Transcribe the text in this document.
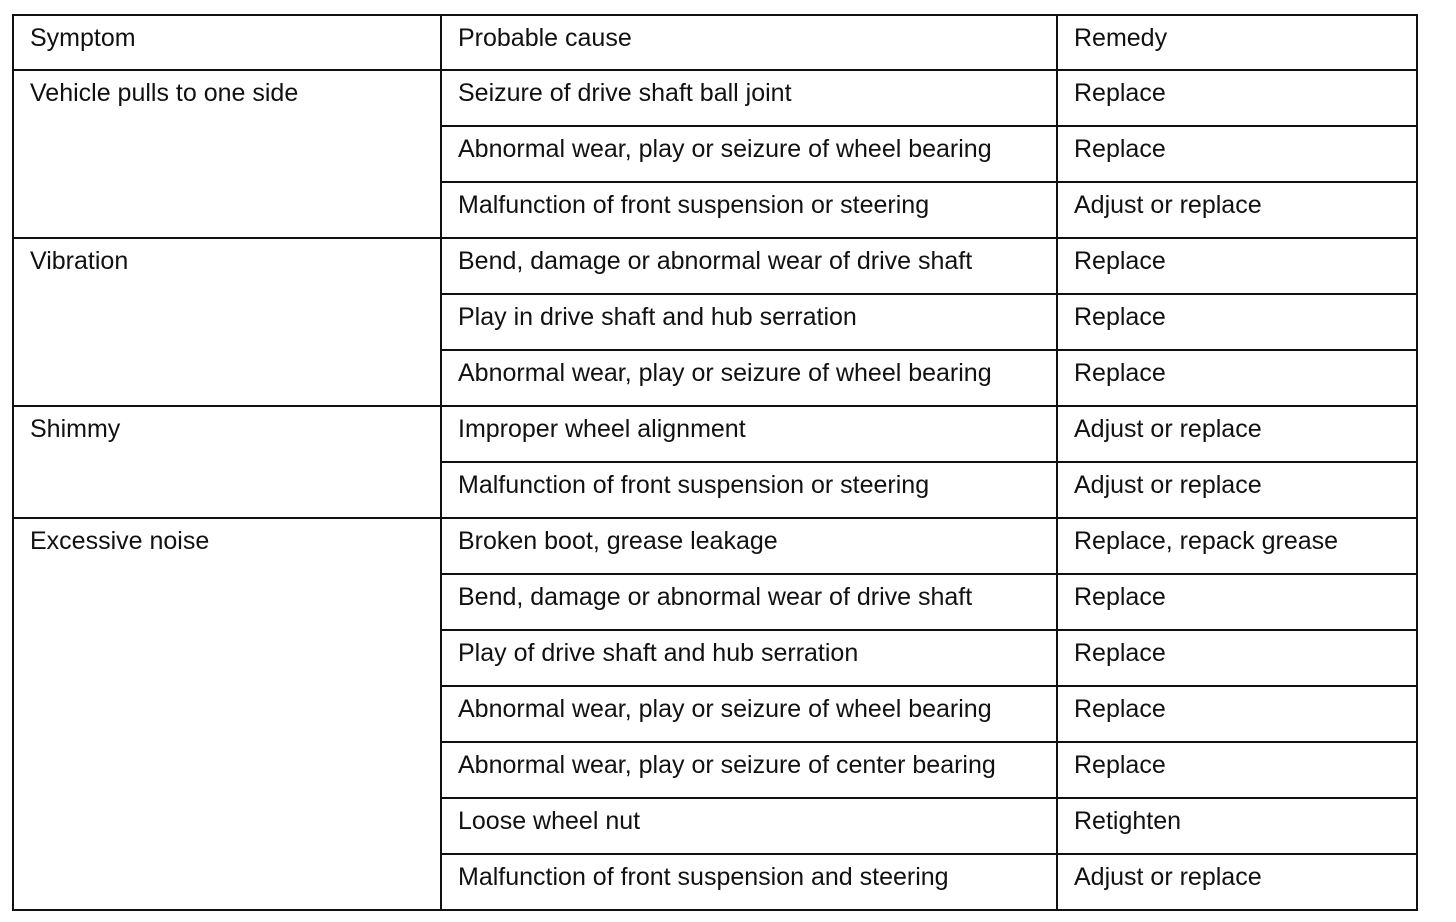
Symptom	Probable cause	Remedy
Vehicle pulls to one side	Seizure of drive shaft ball joint	Replace
	Abnormal wear, play or seizure of wheel bearing	Replace
	Malfunction of front suspension or steering	Adjust or replace
Vibration	Bend, damage or abnormal wear of drive shaft	Replace
	Play in drive shaft and hub serration	Replace
	Abnormal wear, play or seizure of wheel bearing	Replace
Shimmy	Improper wheel alignment	Adjust or replace
	Malfunction of front suspension or steering	Adjust or replace
Excessive noise	Broken boot, grease leakage	Replace, repack grease
	Bend, damage or abnormal wear of drive shaft	Replace
	Play of drive shaft and hub serration	Replace
	Abnormal wear, play or seizure of wheel bearing	Replace
	Abnormal wear, play or seizure of center bearing	Replace
	Loose wheel nut	Retighten
	Malfunction of front suspension and steering	Adjust or replace
